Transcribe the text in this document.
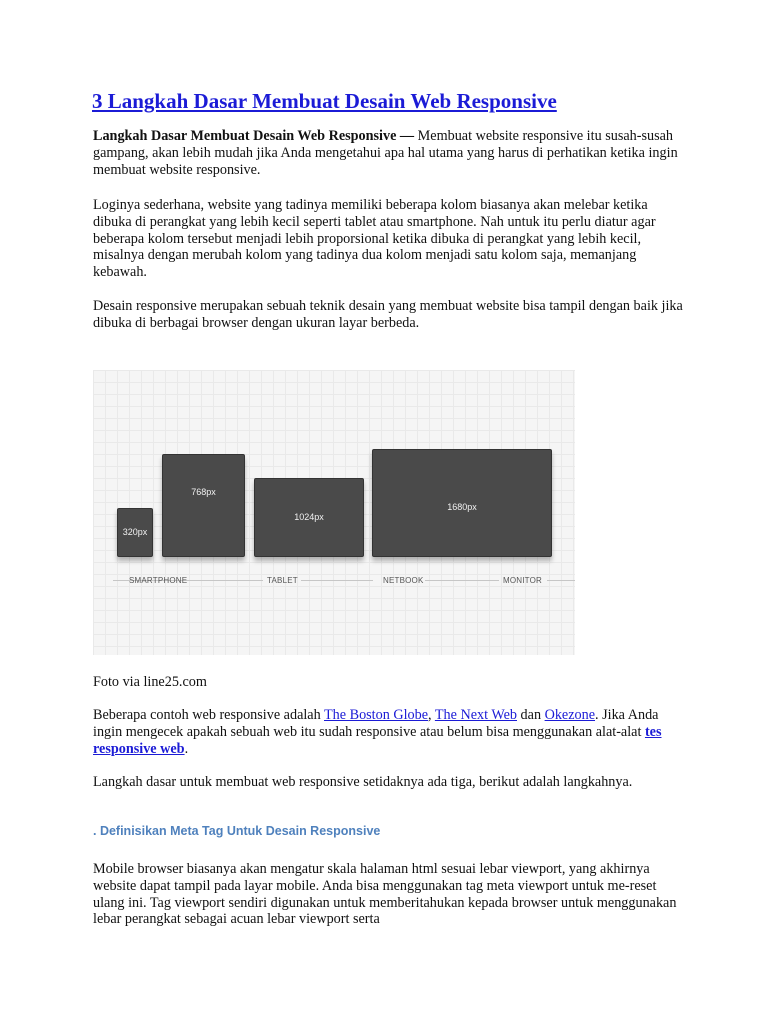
3 Langkah Dasar Membuat Desain Web Responsive

Langkah Dasar Membuat Desain Web Responsive — Membuat website responsive itu susah-susah gampang, akan lebih mudah jika Anda mengetahui apa hal utama yang harus di perhatikan ketika ingin membuat website responsive.

Loginya sederhana, website yang tadinya memiliki beberapa kolom biasanya akan melebar ketika dibuka di perangkat yang lebih kecil seperti tablet atau smartphone. Nah untuk itu perlu diatur agar beberapa kolom tersebut menjadi lebih proporsional ketika dibuka di perangkat yang lebih kecil, misalnya dengan merubah kolom yang tadinya dua kolom menjadi satu kolom saja, memanjang kebawah.

Desain responsive merupakan sebuah teknik desain yang membuat website bisa tampil dengan baik jika dibuka di berbagai browser dengan ukuran layar berbeda.

320px
768px
1024px
1680px
SMARTPHONE	TABLET	NETBOOK	MONITOR

Foto via line25.com

Beberapa contoh web responsive adalah The Boston Globe, The Next Web dan Okezone. Jika Anda ingin mengecek apakah sebuah web itu sudah responsive atau belum bisa menggunakan alat-alat tes responsive web.

Langkah dasar untuk membuat web responsive setidaknya ada tiga, berikut adalah langkahnya.

. Definisikan Meta Tag Untuk Desain Responsive

Mobile browser biasanya akan mengatur skala halaman html sesuai lebar viewport, yang akhirnya website dapat tampil pada layar mobile. Anda bisa menggunakan tag meta viewport untuk me-reset ulang ini. Tag viewport sendiri digunakan untuk memberitahukan kepada browser untuk menggunakan lebar perangkat sebagai acuan lebar viewport serta
